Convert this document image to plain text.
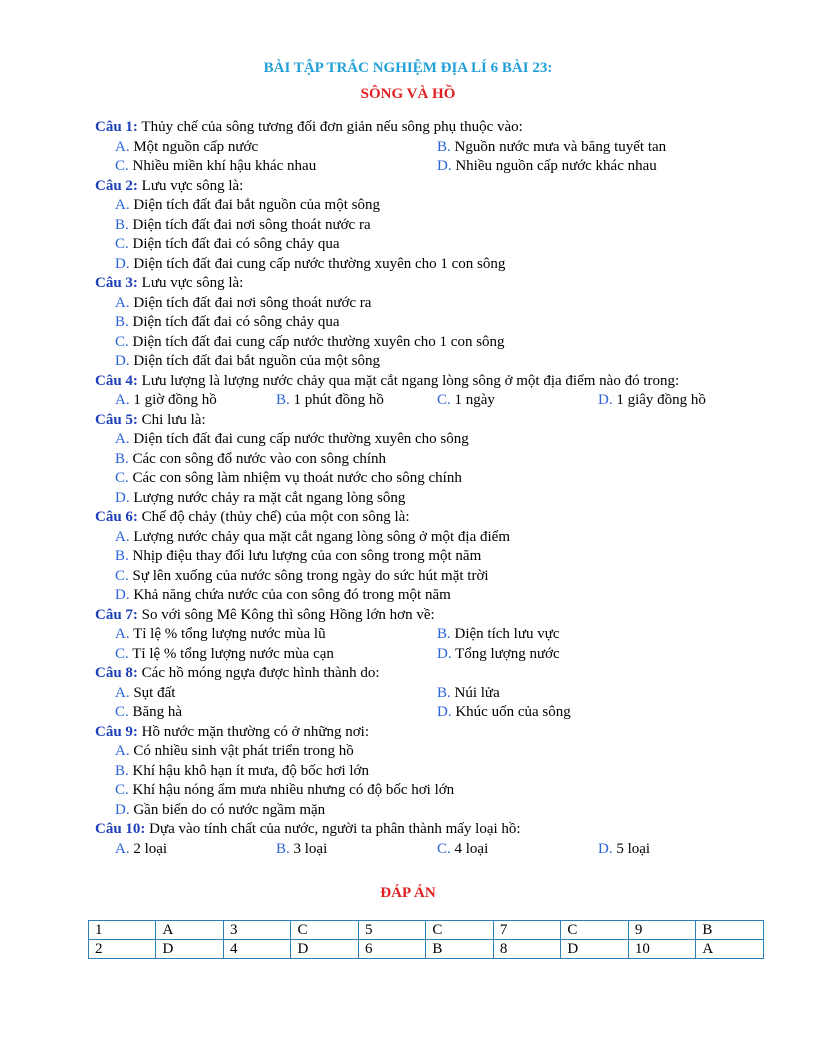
BÀI TẬP TRẮC NGHIỆM ĐỊA LÍ 6 BÀI 23:
SÔNG VÀ HỒ
Câu 1: Thủy chế của sông tương đối đơn giản nếu sông phụ thuộc vào:
A. Một nguồn cấp nước	B. Nguồn nước mưa và băng tuyết tan
C. Nhiều miền khí hậu khác nhau	D. Nhiều nguồn cấp nước khác nhau
Câu 2: Lưu vực sông là:
A. Diện tích đất đai bắt nguồn của một sông
B. Diện tích đất đai nơi sông thoát nước ra
C. Diện tích đất đai có sông chảy qua
D. Diện tích đất đai cung cấp nước thường xuyên cho 1 con sông
Câu 3: Lưu vực sông là:
A. Diện tích đất đai nơi sông thoát nước ra
B. Diện tích đất đai có sông chảy qua
C. Diện tích đất đai cung cấp nước thường xuyên cho 1 con sông
D. Diện tích đất đai bắt nguồn của một sông
Câu 4: Lưu lượng là lượng nước chảy qua mặt cắt ngang lòng sông ở một địa điểm nào đó trong:
A. 1 giờ đồng hồ	B. 1 phút đồng hồ	C. 1 ngày	D. 1 giây đồng hồ
Câu 5: Chi lưu là:
A. Diện tích đất đai cung cấp nước thường xuyên cho sông
B. Các con sông đổ nước vào con sông chính
C. Các con sông làm nhiệm vụ thoát nước cho sông chính
D. Lượng nước chảy ra mặt cắt ngang lòng sông
Câu 6: Chế độ chảy (thủy chế) của một con sông là:
A. Lượng nước chảy qua mặt cắt ngang lòng sông ở một địa điểm
B. Nhịp điệu thay đổi lưu lượng của con sông trong một năm
C. Sự lên xuống của nước sông trong ngày do sức hút mặt trời
D. Khả năng chứa nước của con sông đó trong một năm
Câu 7: So với sông Mê Kông thì sông Hồng lớn hơn về:
A. Tỉ lệ % tổng lượng nước mùa lũ	B. Diện tích lưu vực
C. Tỉ lệ % tổng lượng nước mùa cạn	D. Tổng lượng nước
Câu 8: Các hồ móng ngựa được hình thành do:
A. Sụt đất	B. Núi lửa
C. Băng hà	D. Khúc uốn của sông
Câu 9: Hồ nước mặn thường có ở những nơi:
A. Có nhiều sinh vật phát triển trong hồ
B. Khí hậu khô hạn ít mưa, độ bốc hơi lớn
C. Khí hậu nóng ẩm mưa nhiều nhưng có độ bốc hơi lớn
D. Gần biển do có nước ngầm mặn
Câu 10: Dựa vào tính chất của nước, người ta phân thành mấy loại hồ:
A. 2 loại	B. 3 loại	C. 4 loại	D. 5 loại
ĐÁP ÁN
1	A	3	C	5	C	7	C	9	B
2	D	4	D	6	B	8	D	10	A
